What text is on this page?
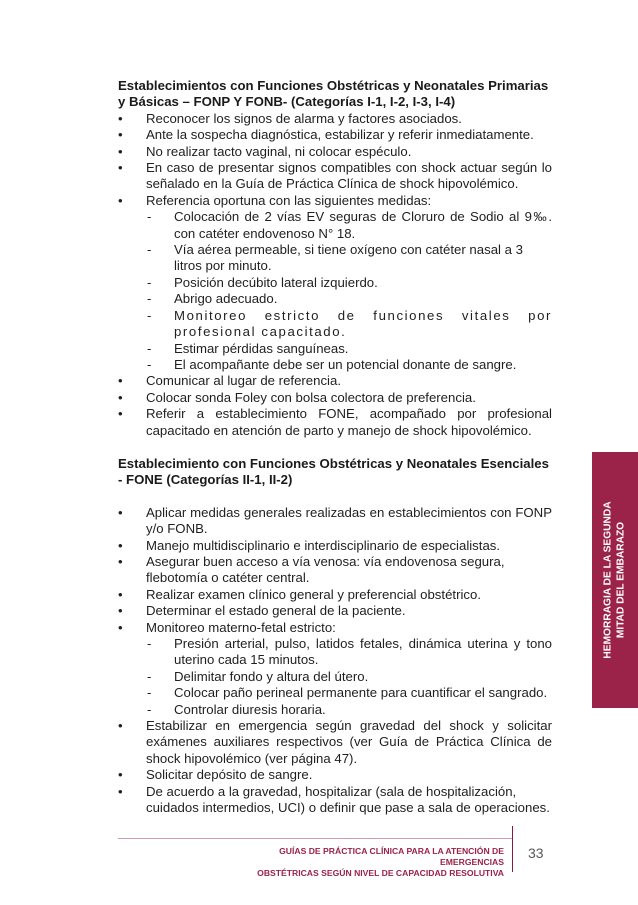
Establecimientos con Funciones Obstétricas y Neonatales Primarias
y Básicas – FONP Y FONB- (Categorías I-1, I-2, I-3, I-4)
• Reconocer los signos de alarma y factores asociados.
• Ante la sospecha diagnóstica, estabilizar y referir inmediatamente.
• No realizar tacto vaginal, ni colocar espéculo.
• En caso de presentar signos compatibles con shock actuar según lo señalado en la Guía de Práctica Clínica de shock hipovolémico.
• Referencia oportuna con las siguientes medidas:
- Colocación de 2 vías EV seguras de Cloruro de Sodio al 9‰. con catéter endovenoso N° 18.
- Vía aérea permeable, si tiene oxígeno con catéter nasal a 3 litros por minuto.
- Posición decúbito lateral izquierdo.
- Abrigo adecuado.
- Monitoreo estricto de funciones vitales por profesional capacitado.
- Estimar pérdidas sanguíneas.
- El acompañante debe ser un potencial donante de sangre.
• Comunicar al lugar de referencia.
• Colocar sonda Foley con bolsa colectora de preferencia.
• Referir a establecimiento FONE, acompañado por profesional capacitado en atención de parto y manejo de shock hipovolémico.
Establecimiento con Funciones Obstétricas y Neonatales Esenciales
- FONE (Categorías II-1, II-2)
• Aplicar medidas generales realizadas en establecimientos con FONP y/o FONB.
• Manejo multidisciplinario e interdisciplinario de especialistas.
• Asegurar buen acceso a vía venosa: vía endovenosa segura, flebotomía o catéter central.
• Realizar examen clínico general y preferencial obstétrico.
• Determinar el estado general de la paciente.
• Monitoreo materno-fetal estricto:
- Presión arterial, pulso, latidos fetales, dinámica uterina y tono uterino cada 15 minutos.
- Delimitar fondo y altura del útero.
- Colocar paño perineal permanente para cuantificar el sangrado.
- Controlar diuresis horaria.
• Estabilizar en emergencia según gravedad del shock y solicitar exámenes auxiliares respectivos (ver Guía de Práctica Clínica de shock hipovolémico (ver página 47).
• Solicitar depósito de sangre.
• De acuerdo a la gravedad, hospitalizar (sala de hospitalización, cuidados intermedios, UCI) o definir que pase a sala de operaciones.
HEMORRAGIA DE LA SEGUNDA MITAD DEL EMBARAZO
GUÍAS DE PRÁCTICA CLÍNICA PARA LA ATENCIÓN DE EMERGENCIAS
OBSTÉTRICAS SEGÚN NIVEL DE CAPACIDAD RESOLUTIVA
33
